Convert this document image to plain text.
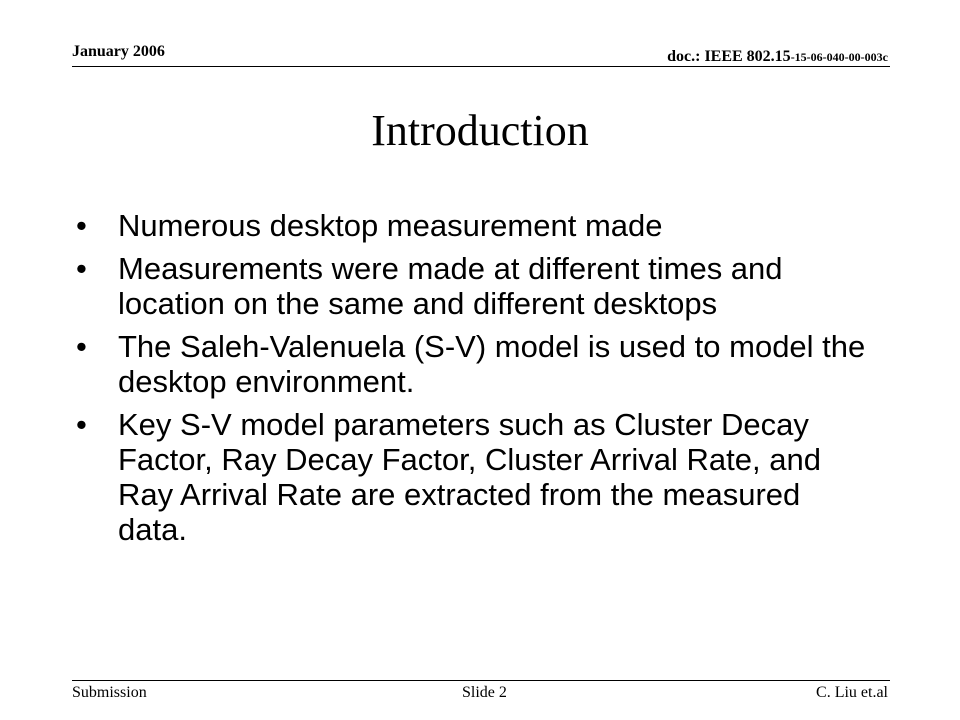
January 2006	doc.: IEEE 802.15-15-06-040-00-003c
Introduction
•	Numerous desktop measurement made
•	Measurements were made at different times and location on the same and different desktops
•	The Saleh-Valenuela (S-V) model is used to model the desktop environment.
•	Key S-V model parameters such as Cluster Decay Factor, Ray Decay Factor, Cluster Arrival Rate, and Ray Arrival Rate are extracted from the measured data.
Submission	Slide 2	C. Liu et.al
